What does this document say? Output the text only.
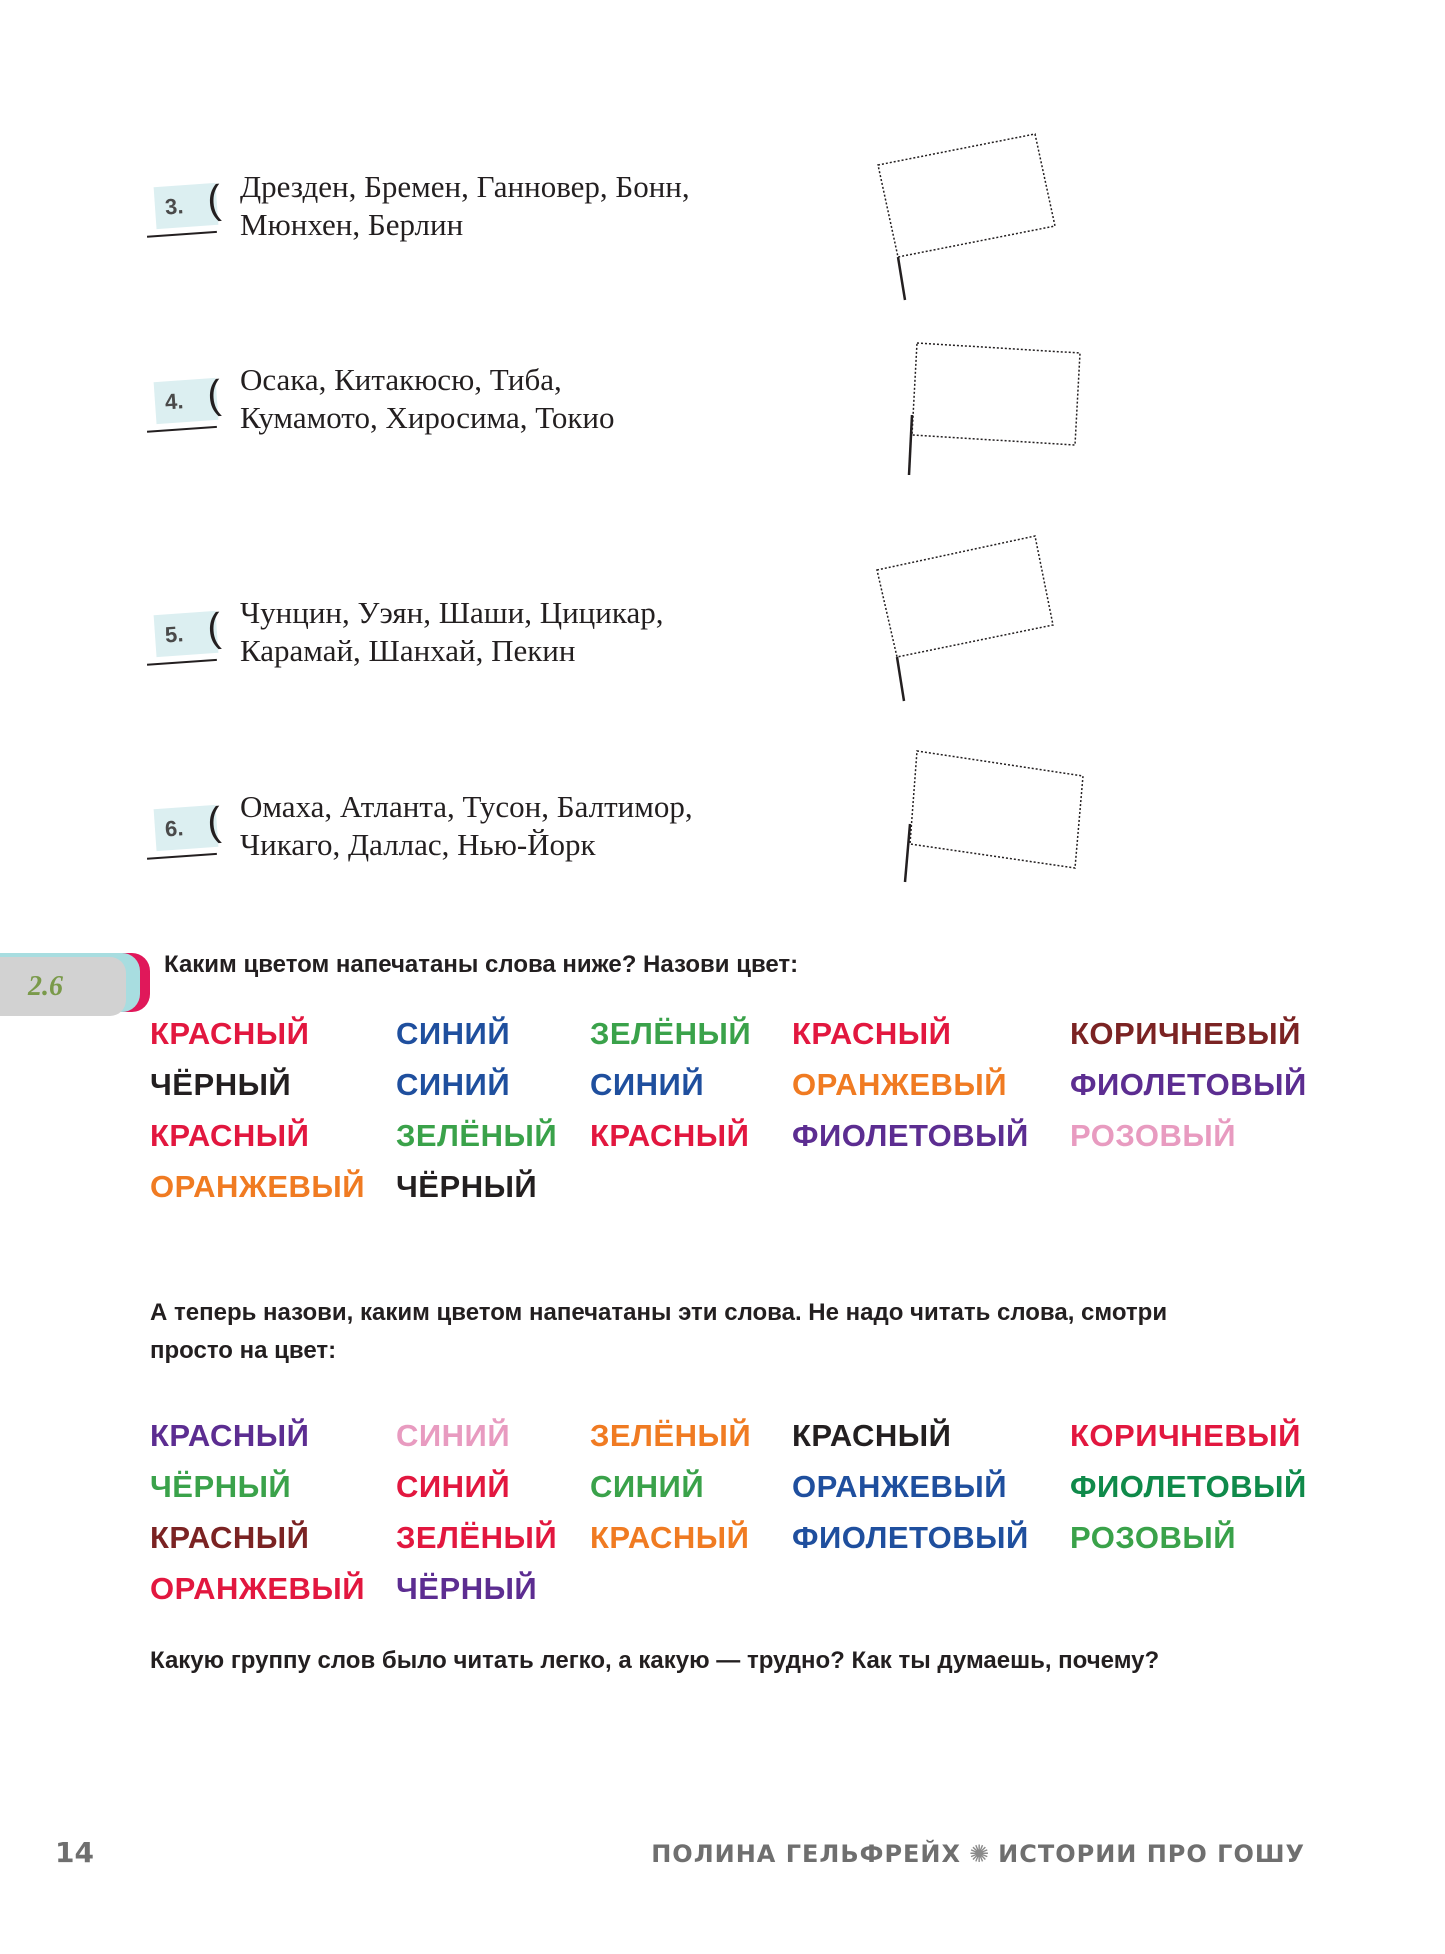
3. ( Дрезден, Бремен, Ганновер, Бонн,
Мюнхен, Берлин
4. ( Осака, Китакюсю, Тиба,
Кумамото, Хиросима, Токио
5. ( Чунцин, Уэян, Шаши, Цицикар,
Карамай, Шанхай, Пекин
6. ( Омаха, Атланта, Тусон, Балтимор,
Чикаго, Даллас, Нью-Йорк
2.6
Каким цветом напечатаны слова ниже? Назови цвет:
КРАСНЫЙ	СИНИЙ	ЗЕЛЁНЫЙ КРАСНЫЙ	КОРИЧНЕВЫЙ
ЧЁРНЫЙ	СИНИЙ	СИНИЙ	ОРАНЖЕВЫЙ ФИОЛЕТОВЫЙ
КРАСНЫЙ	ЗЕЛЁНЫЙ КРАСНЫЙ ФИОЛЕТОВЫЙ РОЗОВЫЙ
ОРАНЖЕВЫЙ ЧЁРНЫЙ
А теперь назови, каким цветом напечатаны эти слова. Не надо читать слова, смотри
просто на цвет:
КРАСНЫЙ	СИНИЙ	ЗЕЛЁНЫЙ КРАСНЫЙ	КОРИЧНЕВЫЙ
ЧЁРНЫЙ	СИНИЙ	СИНИЙ	ОРАНЖЕВЫЙ ФИОЛЕТОВЫЙ
КРАСНЫЙ	ЗЕЛЁНЫЙ КРАСНЫЙ ФИОЛЕТОВЫЙ РОЗОВЫЙ
ОРАНЖЕВЫЙ ЧЁРНЫЙ
Какую группу слов было читать легко, а какую — трудно? Как ты думаешь, почему?
14	ПОЛИНА ГЕЛЬФРЕЙХ ✺ ИСТОРИИ ПРО ГОШУ
